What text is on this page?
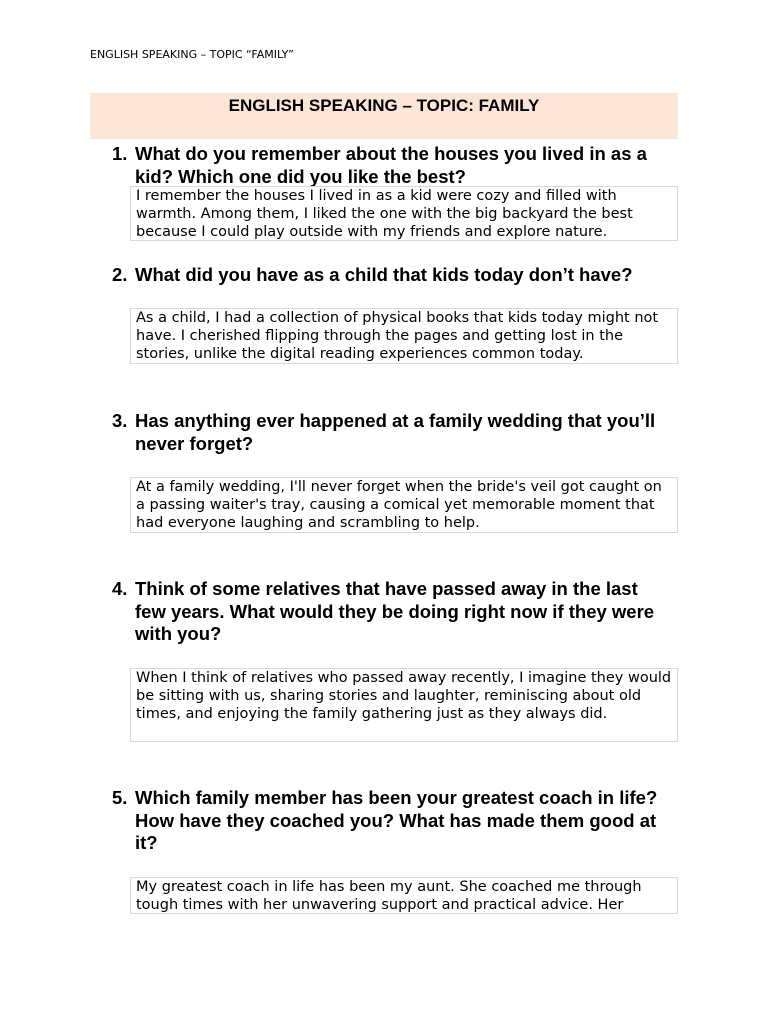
ENGLISH SPEAKING – TOPIC “FAMILY”
ENGLISH SPEAKING – TOPIC: FAMILY
1. What do you remember about the houses you lived in as a kid? Which one did you like the best?
I remember the houses I lived in as a kid were cozy and filled with warmth. Among them, I liked the one with the big backyard the best because I could play outside with my friends and explore nature.
2. What did you have as a child that kids today don’t have?
As a child, I had a collection of physical books that kids today might not have. I cherished flipping through the pages and getting lost in the stories, unlike the digital reading experiences common today.
3. Has anything ever happened at a family wedding that you’ll never forget?
At a family wedding, I'll never forget when the bride's veil got caught on a passing waiter's tray, causing a comical yet memorable moment that had everyone laughing and scrambling to help.
4. Think of some relatives that have passed away in the last few years. What would they be doing right now if they were with you?
When I think of relatives who passed away recently, I imagine they would be sitting with us, sharing stories and laughter, reminiscing about old times, and enjoying the family gathering just as they always did.
5. Which family member has been your greatest coach in life? How have they coached you? What has made them good at it?
My greatest coach in life has been my aunt. She coached me through tough times with her unwavering support and practical advice. Her
